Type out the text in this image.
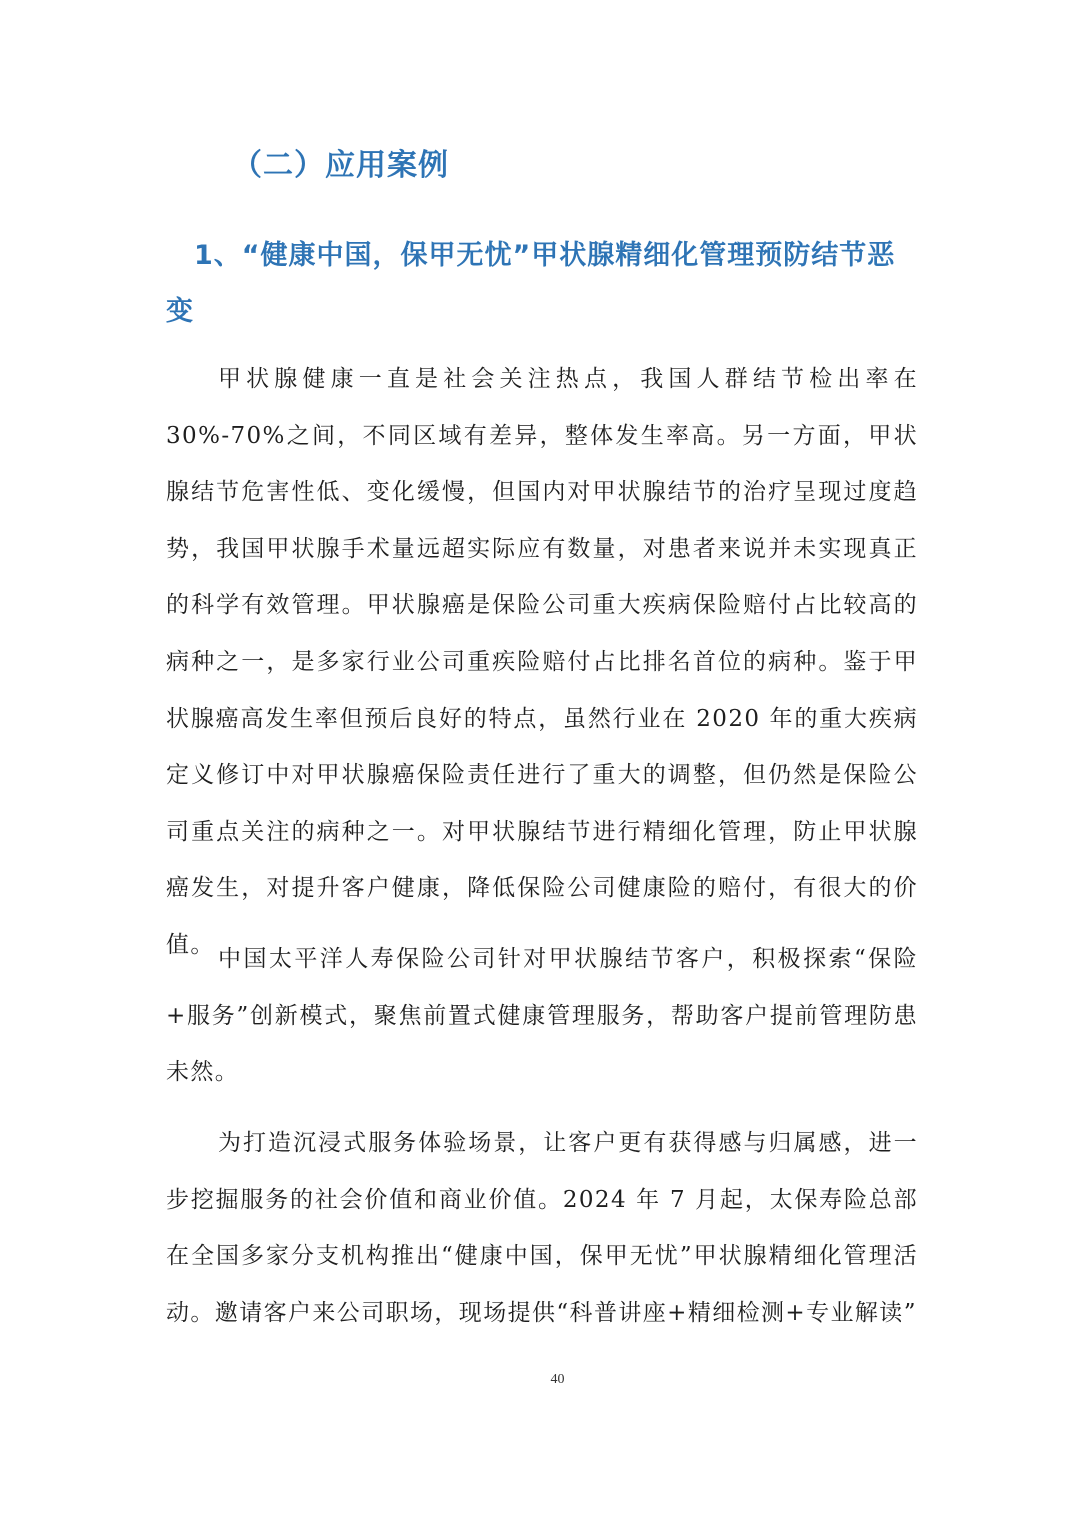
（二）应用案例
1、“健康中国，保甲无忧”甲状腺精细化管理预防结节恶变

甲状腺健康一直是社会关注热点，我国人群结节检出率在 30%-70%之间，不同区域有差异，整体发生率高。另一方面，甲状腺结节危害性低、变化缓慢，但国内对甲状腺结节的治疗呈现过度趋势，我国甲状腺手术量远超实际应有数量，对患者来说并未实现真正的科学有效管理。甲状腺癌是保险公司重大疾病保险赔付占比较高的病种之一，是多家行业公司重疾险赔付占比排名首位的病种。鉴于甲状腺癌高发生率但预后良好的特点，虽然行业在 2020 年的重大疾病定义修订中对甲状腺癌保险责任进行了重大的调整，但仍然是保险公司重点关注的病种之一。对甲状腺结节进行精细化管理，防止甲状腺癌发生，对提升客户健康，降低保险公司健康险的赔付，有很大的价值。

中国太平洋人寿保险公司针对甲状腺结节客户，积极探索“保险+服务”创新模式，聚焦前置式健康管理服务，帮助客户提前管理防患未然。

为打造沉浸式服务体验场景，让客户更有获得感与归属感，进一步挖掘服务的社会价值和商业价值。2024 年 7 月起，太保寿险总部在全国多家分支机构推出“健康中国，保甲无忧”甲状腺精细化管理活动。邀请客户来公司职场，现场提供“科普讲座+精细检测+专业解读”

40
